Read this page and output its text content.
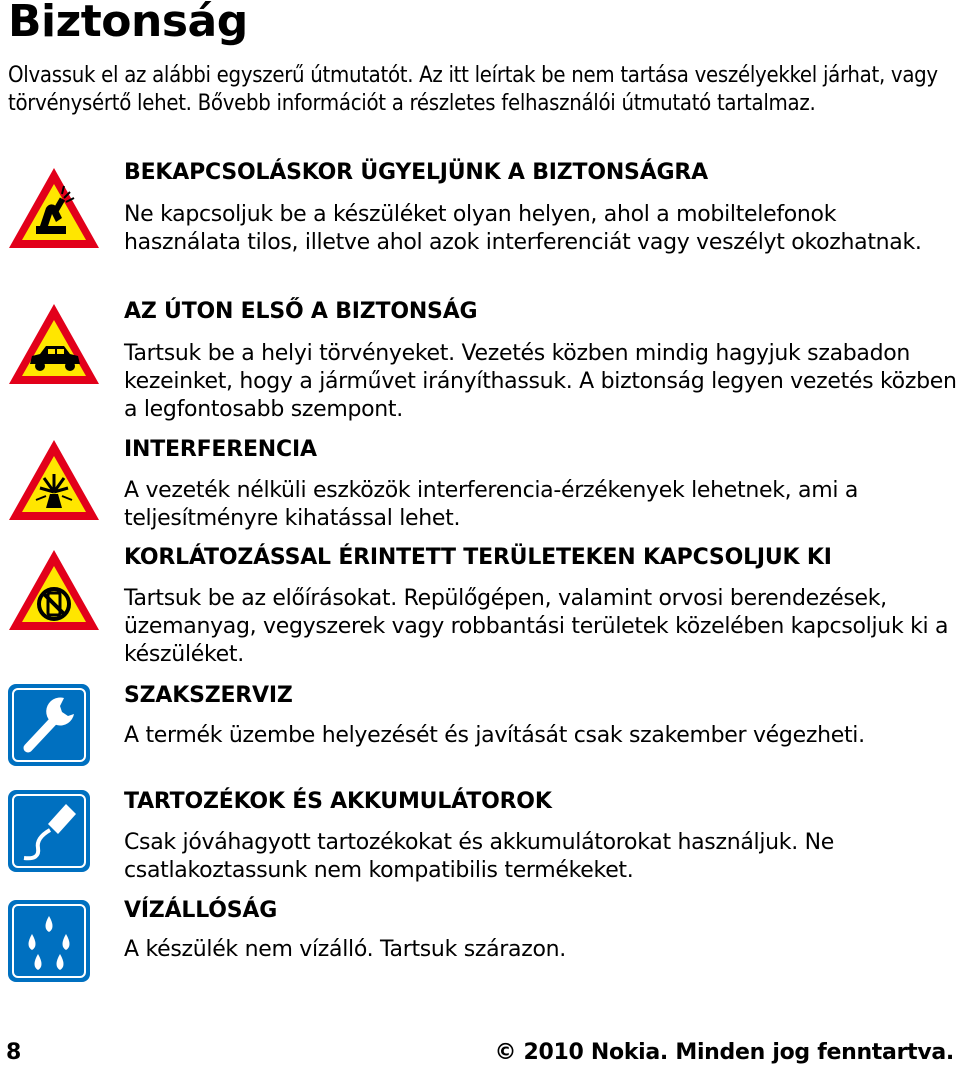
Biztonság

Olvassuk el az alábbi egyszerű útmutatót. Az itt leírtak be nem tartása veszélyekkel járhat, vagy törvénysértő lehet. Bővebb információt a részletes felhasználói útmutató tartalmaz.

BEKAPCSOLÁSKOR ÜGYELJÜNK A BIZTONSÁGRA

Ne kapcsoljuk be a készüléket olyan helyen, ahol a mobiltelefonok használata tilos, illetve ahol azok interferenciát vagy veszélyt okozhatnak.

AZ ÚTON ELSŐ A BIZTONSÁG

Tartsuk be a helyi törvényeket. Vezetés közben mindig hagyjuk szabadon kezeinket, hogy a járművet irányíthassuk. A biztonság legyen vezetés közben a legfontosabb szempont.

INTERFERENCIA

A vezeték nélküli eszközök interferencia-érzékenyek lehetnek, ami a teljesítményre kihatással lehet.

KORLÁTOZÁSSAL ÉRINTETT TERÜLETEKEN KAPCSOLJUK KI

Tartsuk be az előírásokat. Repülőgépen, valamint orvosi berendezések, üzemanyag, vegyszerek vagy robbantási területek közelében kapcsoljuk ki a készüléket.

SZAKSZERVIZ

A termék üzembe helyezését és javítását csak szakember végezheti.

TARTOZÉKOK ÉS AKKUMULÁTOROK

Csak jóváhagyott tartozékokat és akkumulátorokat használjuk. Ne csatlakoztassunk nem kompatibilis termékeket.

VÍZÁLLÓSÁG

A készülék nem vízálló. Tartsuk szárazon.

8	© 2010 Nokia. Minden jog fenntartva.
